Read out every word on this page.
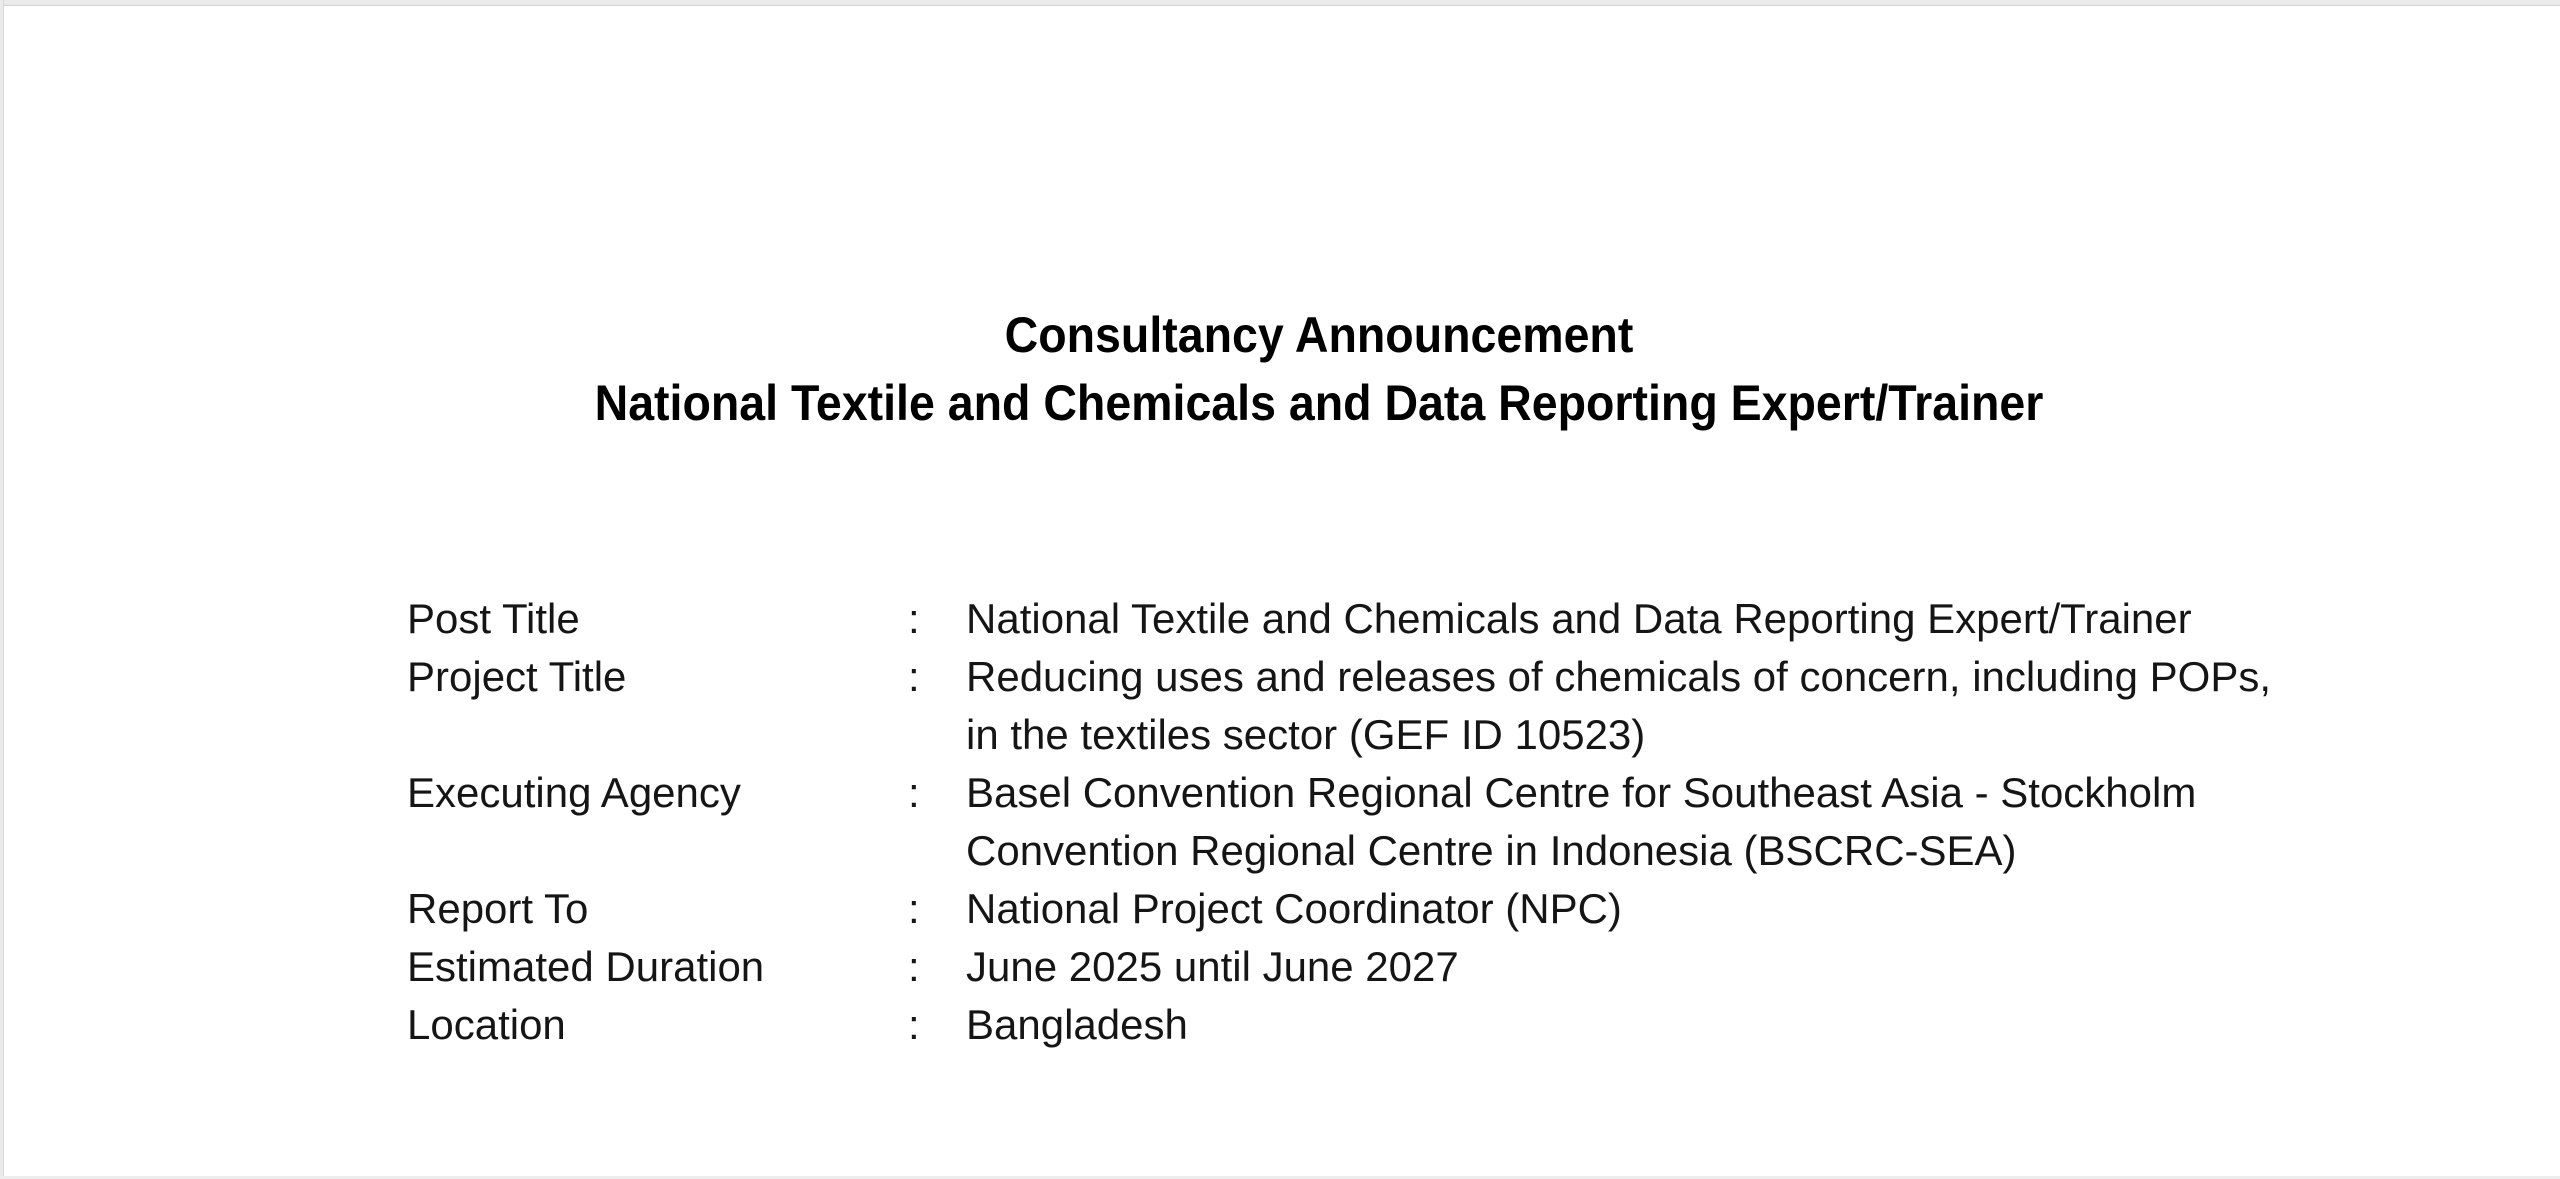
Consultancy Announcement
National Textile and Chemicals and Data Reporting Expert/Trainer
Post Title	:	National Textile and Chemicals and Data Reporting Expert/Trainer
Project Title	:	Reducing uses and releases of chemicals of concern, including POPs,
in the textiles sector (GEF ID 10523)
Executing Agency	:	Basel Convention Regional Centre for Southeast Asia - Stockholm
Convention Regional Centre in Indonesia (BSCRC-SEA)
Report To	:	National Project Coordinator (NPC)
Estimated Duration	:	June 2025 until June 2027
Location	:	Bangladesh
